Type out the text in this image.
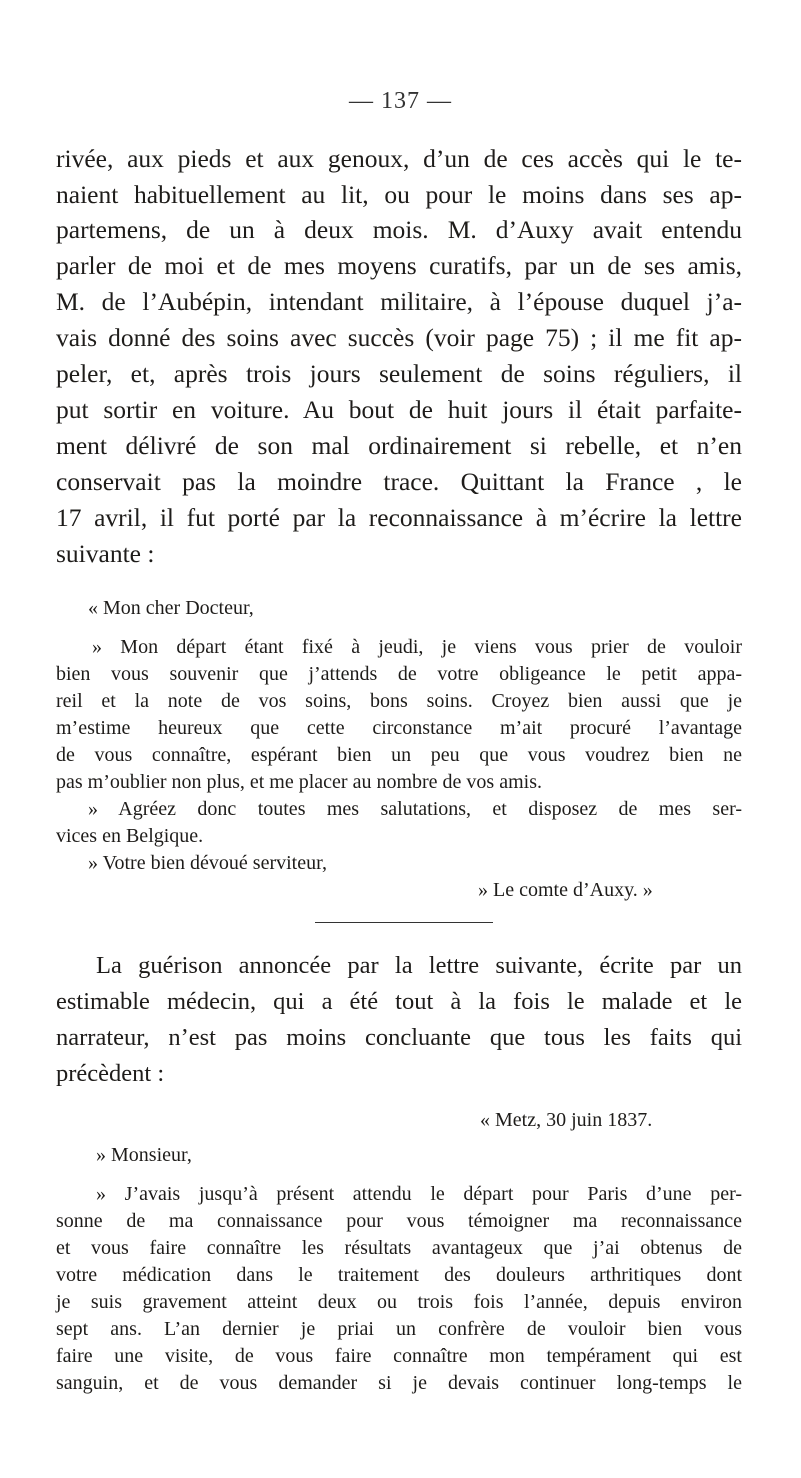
— 137 —

rivée, aux pieds et aux genoux, d’un de ces accès qui le te-

naient habituellement au lit, ou pour le moins dans ses ap-

partemens, de un à deux mois. M. d’Auxy avait entendu

parler de moi et de mes moyens curatifs, par un de ses amis,

M. de l’Aubépin, intendant militaire, à l’épouse duquel j’a-

vais donné des soins avec succès (voir page 75) ; il me fit ap-

peler, et, après trois jours seulement de soins réguliers, il

put sortir en voiture. Au bout de huit jours il était parfaite-

ment délivré de son mal ordinairement si rebelle, et n’en

conservait pas la moindre trace. Quittant la France , le

17 avril, il fut porté par la reconnaissance à m’écrire la lettre

suivante :

« Mon cher Docteur,

» Mon départ étant fixé à jeudi, je viens vous prier de vouloir

bien vous souvenir que j’attends de votre obligeance le petit appa-

reil et la note de vos soins, bons soins. Croyez bien aussi que je

m’estime heureux que cette circonstance m’ait procuré l’avantage

de vous connaître, espérant bien un peu que vous voudrez bien ne

pas m’oublier non plus, et me placer au nombre de vos amis.

» Agréez donc toutes mes salutations, et disposez de mes ser-

vices en Belgique.

» Votre bien dévoué serviteur,

» Le comte d’Auxy. »

La guérison annoncée par la lettre suivante, écrite par un

estimable médecin, qui a été tout à la fois le malade et le

narrateur, n’est pas moins concluante que tous les faits qui

précèdent :

« Metz, 30 juin 1837.

» Monsieur,

» J’avais jusqu’à présent attendu le départ pour Paris d’une per-

sonne de ma connaissance pour vous témoigner ma reconnaissance

et vous faire connaître les résultats avantageux que j’ai obtenus de

votre médication dans le traitement des douleurs arthritiques dont

je suis gravement atteint deux ou trois fois l’année, depuis environ

sept ans. L’an dernier je priai un confrère de vouloir bien vous

faire une visite, de vous faire connaître mon tempérament qui est

sanguin, et de vous demander si je devais continuer long-temps le
